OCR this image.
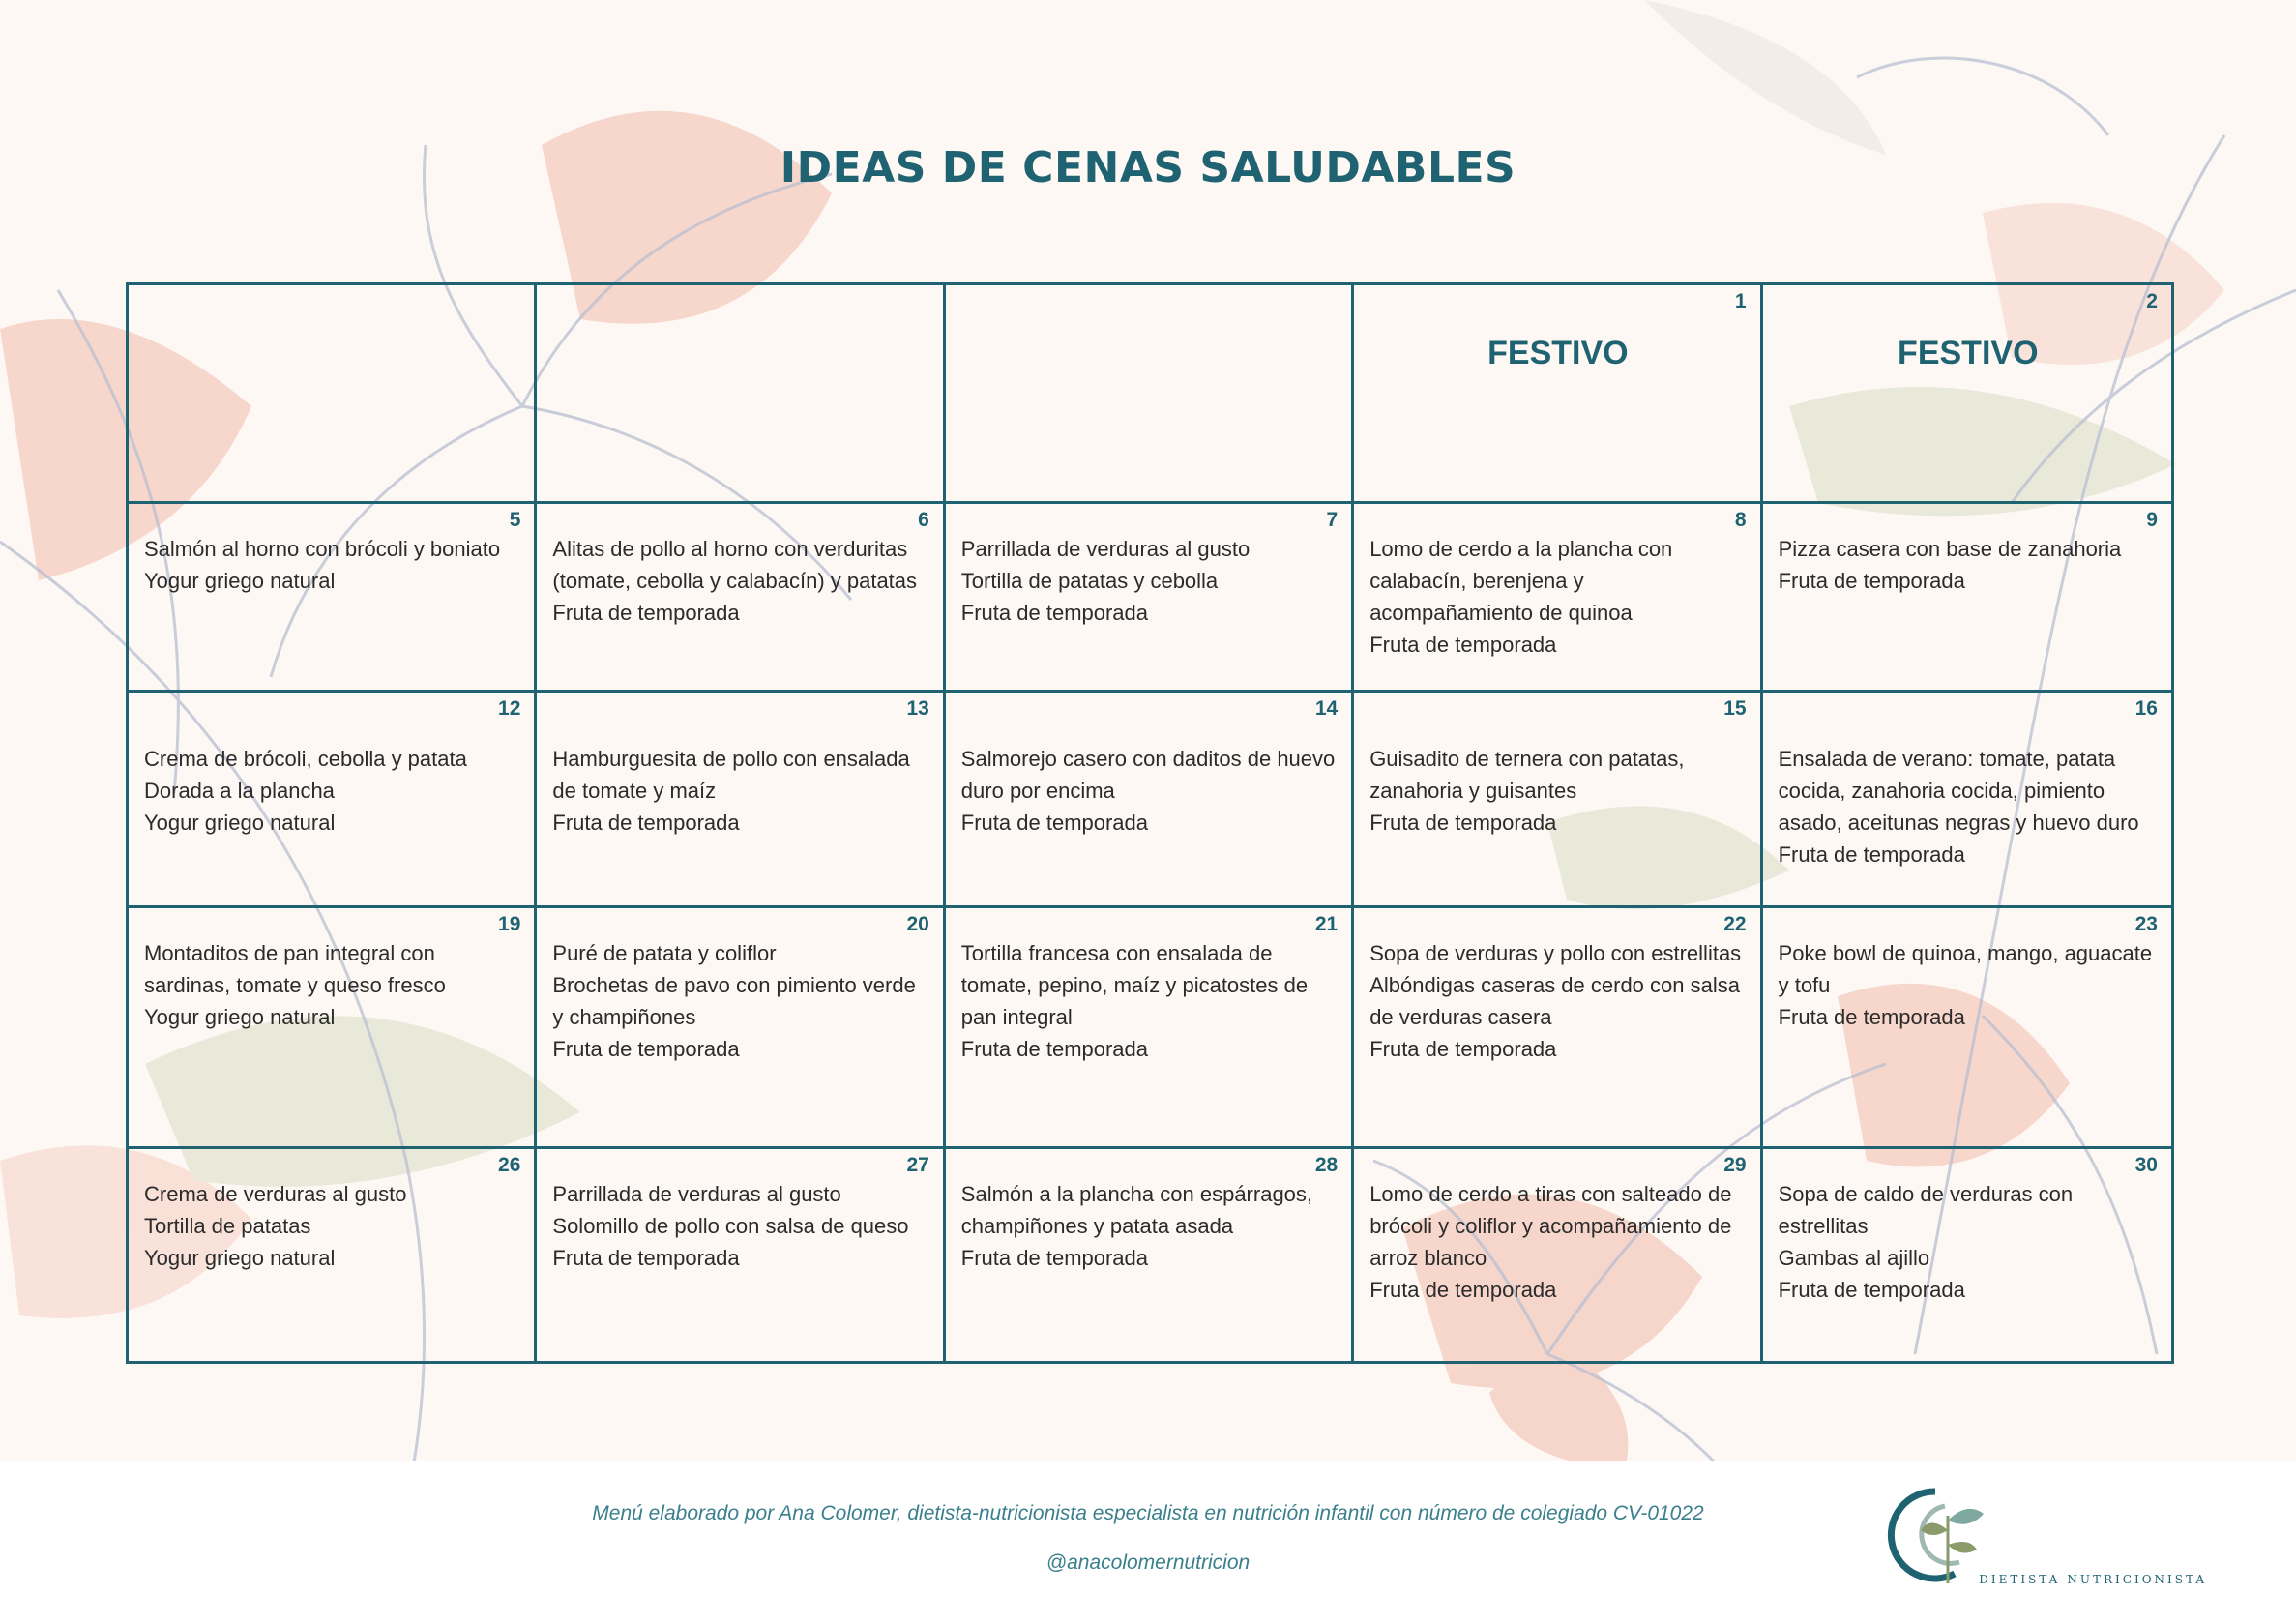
IDEAS DE CENAS SALUDABLES
1
FESTIVO
2
FESTIVO
5
Salmón al horno con brócoli y boniato
Yogur griego natural
6
Alitas de pollo al horno con verduritas (tomate, cebolla y calabacín) y patatas
Fruta de temporada
7
Parrillada de verduras al gusto
Tortilla de patatas y cebolla
Fruta de temporada
8
Lomo de cerdo a la plancha con calabacín, berenjena y acompañamiento de quinoa
Fruta de temporada
9
Pizza casera con base de zanahoria
Fruta de temporada
12
Crema de brócoli, cebolla y patata
Dorada a la plancha
Yogur griego natural
13
Hamburguesita de pollo con ensalada de tomate y maíz
Fruta de temporada
14
Salmorejo casero con daditos de huevo duro por encima
Fruta de temporada
15
Guisadito de ternera con patatas, zanahoria y guisantes
Fruta de temporada
16
Ensalada de verano: tomate, patata cocida, zanahoria cocida, pimiento asado, aceitunas negras y huevo duro
Fruta de temporada
19
Montaditos de pan integral con sardinas, tomate y queso fresco
Yogur griego natural
20
Puré de patata y coliflor
Brochetas de pavo con pimiento verde y champiñones
Fruta de temporada
21
Tortilla francesa con ensalada de tomate, pepino, maíz y picatostes de pan integral
Fruta de temporada
22
Sopa de verduras y pollo con estrellitas
Albóndigas caseras de cerdo con salsa de verduras casera
Fruta de temporada
23
Poke bowl de quinoa, mango, aguacate y tofu
Fruta de temporada
26
Crema de verduras al gusto
Tortilla de patatas
Yogur griego natural
27
Parrillada de verduras al gusto
Solomillo de pollo con salsa de queso
Fruta de temporada
28
Salmón a la plancha con espárragos, champiñones y patata asada
Fruta de temporada
29
Lomo de cerdo a tiras con salteado de brócoli y coliflor y acompañamiento de arroz blanco
Fruta de temporada
30
Sopa de caldo de verduras con estrellitas
Gambas al ajillo
Fruta de temporada
Menú elaborado por Ana Colomer, dietista-nutricionista especialista en nutrición infantil con número de colegiado CV-01022
@anacolomernutricion
DIETISTA-NUTRICIONISTA
